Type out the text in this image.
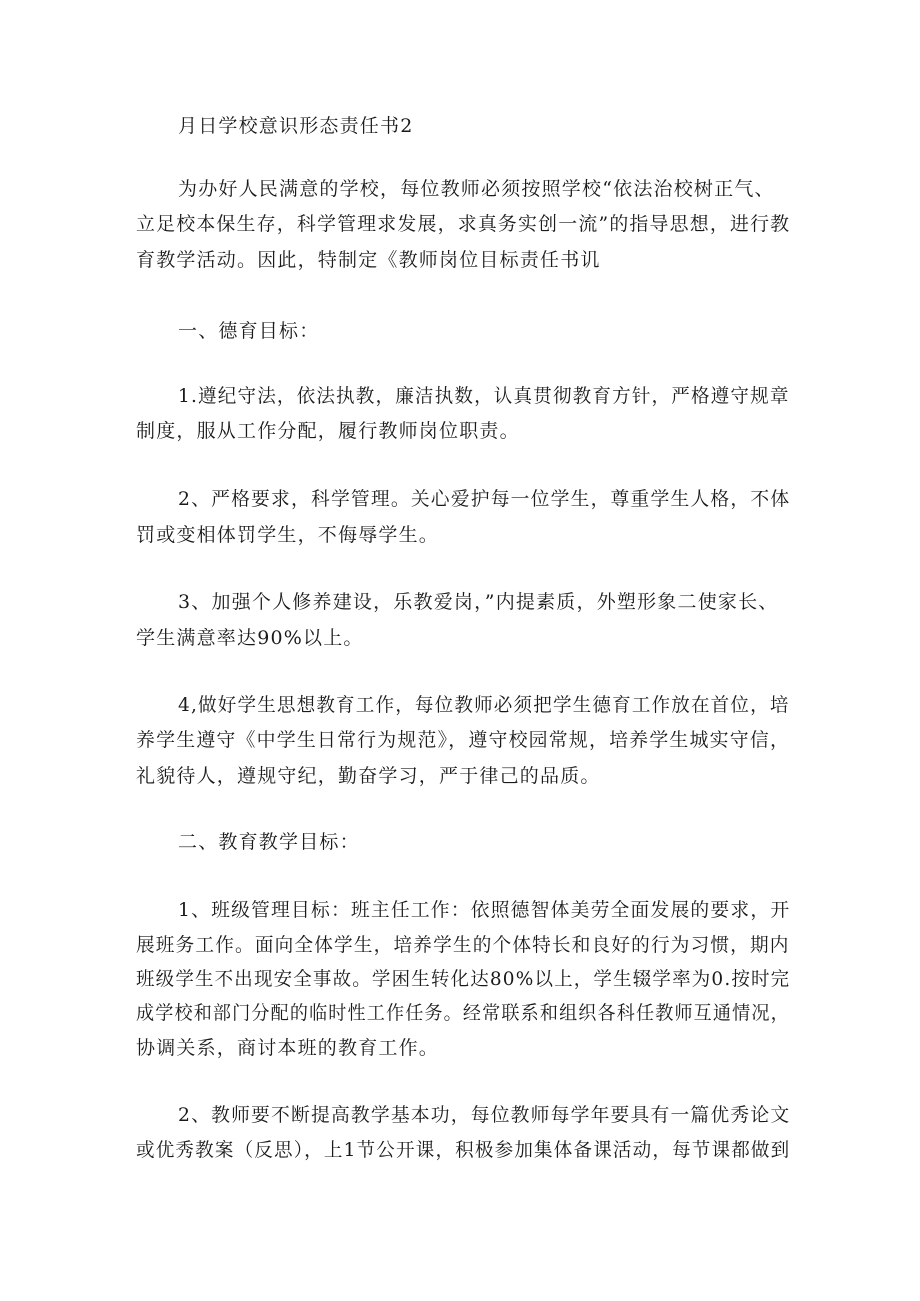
月日学校意识形态责任书2
为办好人民满意的学校，每位教师必须按照学校“依法治校树正气、
立足校本保生存，科学管理求发展，求真务实创一流”的指导思想，进行教
育教学活动。因此，特制定《教师岗位目标责任书讥
一、德育目标：
1.遵纪守法，依法执教，廉洁执数，认真贯彻教育方针，严格遵守规章
制度，服从工作分配，履行教师岗位职责。
2、严格要求，科学管理。关心爱护每一位学生，尊重学生人格，不体
罚或变相体罚学生，不侮辱学生。
3、加强个人修养建设，乐教爱岗，”内提素质，外塑形象二使家长、
学生满意率达90%以上。
4,做好学生思想教育工作，每位教师必须把学生德育工作放在首位，培
养学生遵守《中学生日常行为规范》，遵守校园常规，培养学生城实守信，
礼貌待人，遵规守纪，勤奋学习，严于律己的品质。
二、教育教学目标：
1、班级管理目标：班主任工作：依照德智体美劳全面发展的要求，开
展班务工作。面向全体学生，培养学生的个体特长和良好的行为习惯，期内
班级学生不出现安全事故。学困生转化达80%以上，学生辍学率为0.按时完
成学校和部门分配的临时性工作任务。经常联系和组织各科任教师互通情况，
协调关系，商讨本班的教育工作。
2、教师要不断提高教学基本功，每位教师每学年要具有一篇优秀论文
或优秀教案（反思），上1节公开课，积极参加集体备课活动，每节课都做到
